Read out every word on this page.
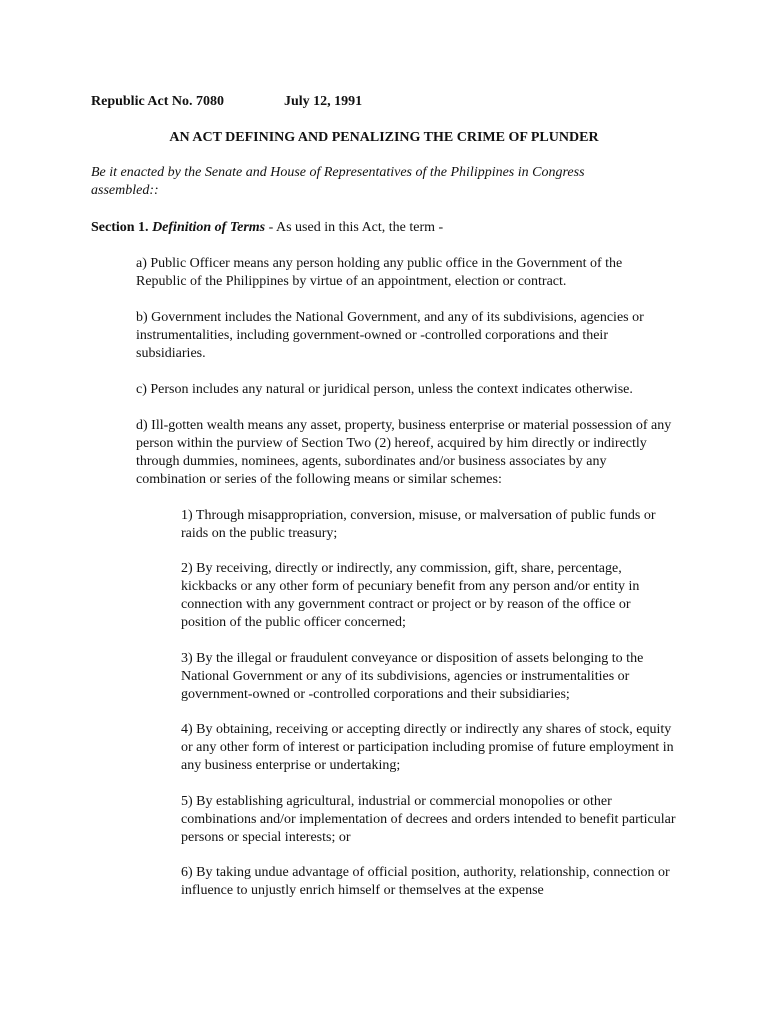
Republic Act No. 7080	July 12, 1991
AN ACT DEFINING AND PENALIZING THE CRIME OF PLUNDER
Be it enacted by the Senate and House of Representatives of the Philippines in Congress assembled::
Section 1. Definition of Terms - As used in this Act, the term -
a) Public Officer means any person holding any public office in the Government of the Republic of the Philippines by virtue of an appointment, election or contract.
b) Government includes the National Government, and any of its subdivisions, agencies or instrumentalities, including government-owned or -controlled corporations and their subsidiaries.
c) Person includes any natural or juridical person, unless the context indicates otherwise.
d) Ill-gotten wealth means any asset, property, business enterprise or material possession of any person within the purview of Section Two (2) hereof, acquired by him directly or indirectly through dummies, nominees, agents, subordinates and/or business associates by any combination or series of the following means or similar schemes:
1) Through misappropriation, conversion, misuse, or malversation of public funds or raids on the public treasury;
2) By receiving, directly or indirectly, any commission, gift, share, percentage, kickbacks or any other form of pecuniary benefit from any person and/or entity in connection with any government contract or project or by reason of the office or position of the public officer concerned;
3) By the illegal or fraudulent conveyance or disposition of assets belonging to the National Government or any of its subdivisions, agencies or instrumentalities or government-owned or -controlled corporations and their subsidiaries;
4) By obtaining, receiving or accepting directly or indirectly any shares of stock, equity or any other form of interest or participation including promise of future employment in any business enterprise or undertaking;
5) By establishing agricultural, industrial or commercial monopolies or other combinations and/or implementation of decrees and orders intended to benefit particular persons or special interests; or
6) By taking undue advantage of official position, authority, relationship, connection or influence to unjustly enrich himself or themselves at the expense
